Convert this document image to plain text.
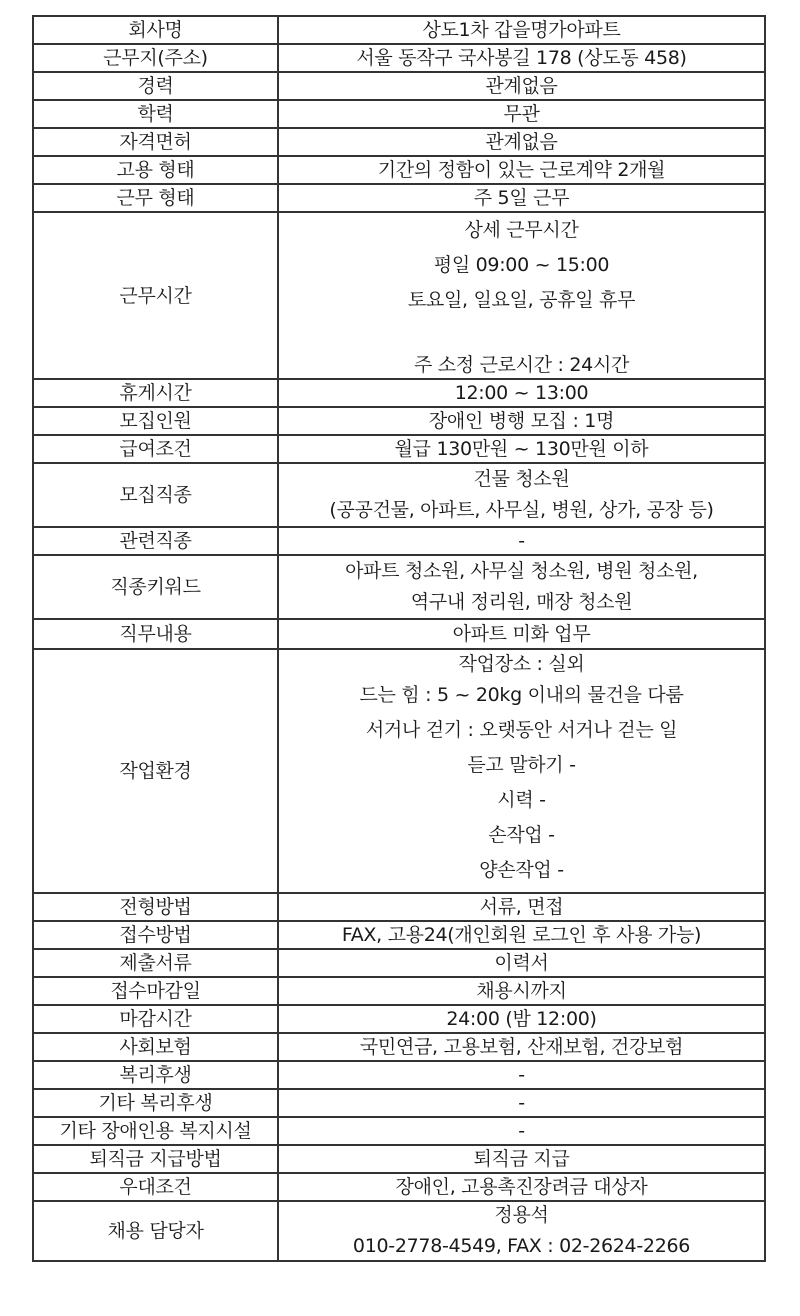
회사명	상도1차 갑을명가아파트
근무지(주소)	서울 동작구 국사봉길 178 (상도동 458)
경력	관계없음
학력	무관
자격면허	관계없음
고용 형태	기간의 정함이 있는 근로계약 2개월
근무 형태	주 5일 근무
근무시간	상세 근무시간
평일 09:00 ~ 15:00
토요일, 일요일, 공휴일 휴무
주 소정 근로시간 : 24시간

휴게시간	12:00 ~ 13:00
모집인원	장애인 병행 모집 : 1명
급여조건	월급 130만원 ~ 130만원 이하
모집직종	건물 청소원
(공공건물, 아파트, 사무실, 병원, 상가, 공장 등)

관련직종	-
직종키워드	아파트 청소원, 사무실 청소원, 병원 청소원,
역구내 정리원, 매장 청소원

직무내용	아파트 미화 업무
작업환경	
작업장소 : 실외
드는 힘 : 5 ~ 20kg 이내의 물건을 다룸
서거나 걷기 : 오랫동안 서거나 걷는 일
듣고 말하기 -
시력 -
손작업 -
양손작업 -

전형방법	서류, 면접
접수방법	FAX, 고용24(개인회원 로그인 후 사용 가능)
제출서류	이력서
접수마감일	채용시까지
마감시간	24:00 (밤 12:00)
사회보험	국민연금, 고용보험, 산재보험, 건강보험
복리후생	-
기타 복리후생	-
기타 장애인용 복지시설	-
퇴직금 지급방법	퇴직금 지급
우대조건	장애인, 고용촉진장려금 대상자
채용 담당자	정용석
010-2778-4549, FAX : 02-2624-2266
